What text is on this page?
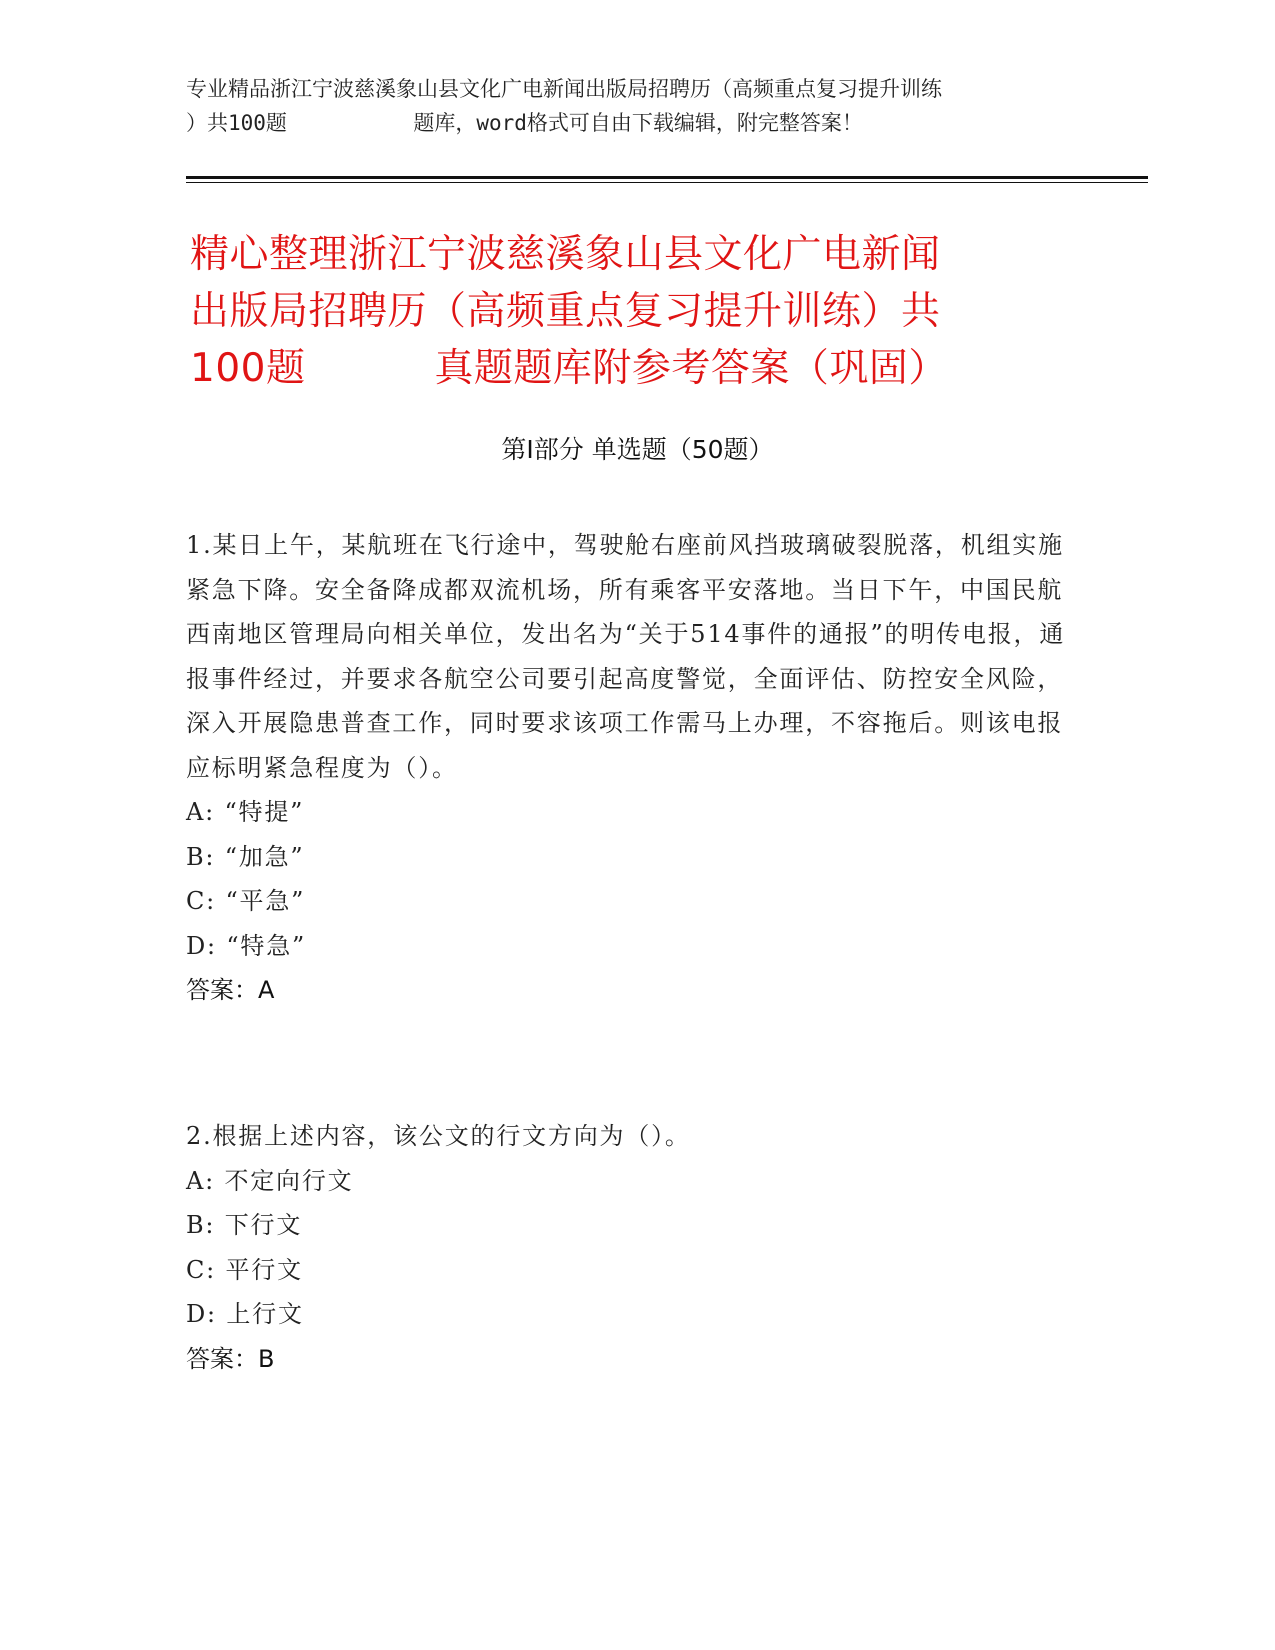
专业精品浙江宁波慈溪象山县文化广电新闻出版局招聘历（高频重点复习提升训练
）共100题          题库，word格式可自由下载编辑，附完整答案！
精心整理浙江宁波慈溪象山县文化广电新闻
出版局招聘历（高频重点复习提升训练）共
100题          真题题库附参考答案（巩固）
第Ⅰ部分 单选题（50题）

1.某日上午，某航班在飞行途中，驾驶舱右座前风挡玻璃破裂脱落，机组实施紧急下降。安全备降成都双流机场，所有乘客平安落地。当日下午，中国民航西南地区管理局向相关单位，发出名为“关于514事件的通报”的明传电报，通报事件经过，并要求各航空公司要引起高度警觉，全面评估、防控安全风险，深入开展隐患普查工作，同时要求该项工作需马上办理，不容拖后。则该电报应标明紧急程度为（）。

A: “特提”
B: “加急”
C: “平急”
D: “特急”
答案：A

2.根据上述内容，该公文的行文方向为（）。

A: 不定向行文
B: 下行文
C: 平行文
D: 上行文
答案：B
